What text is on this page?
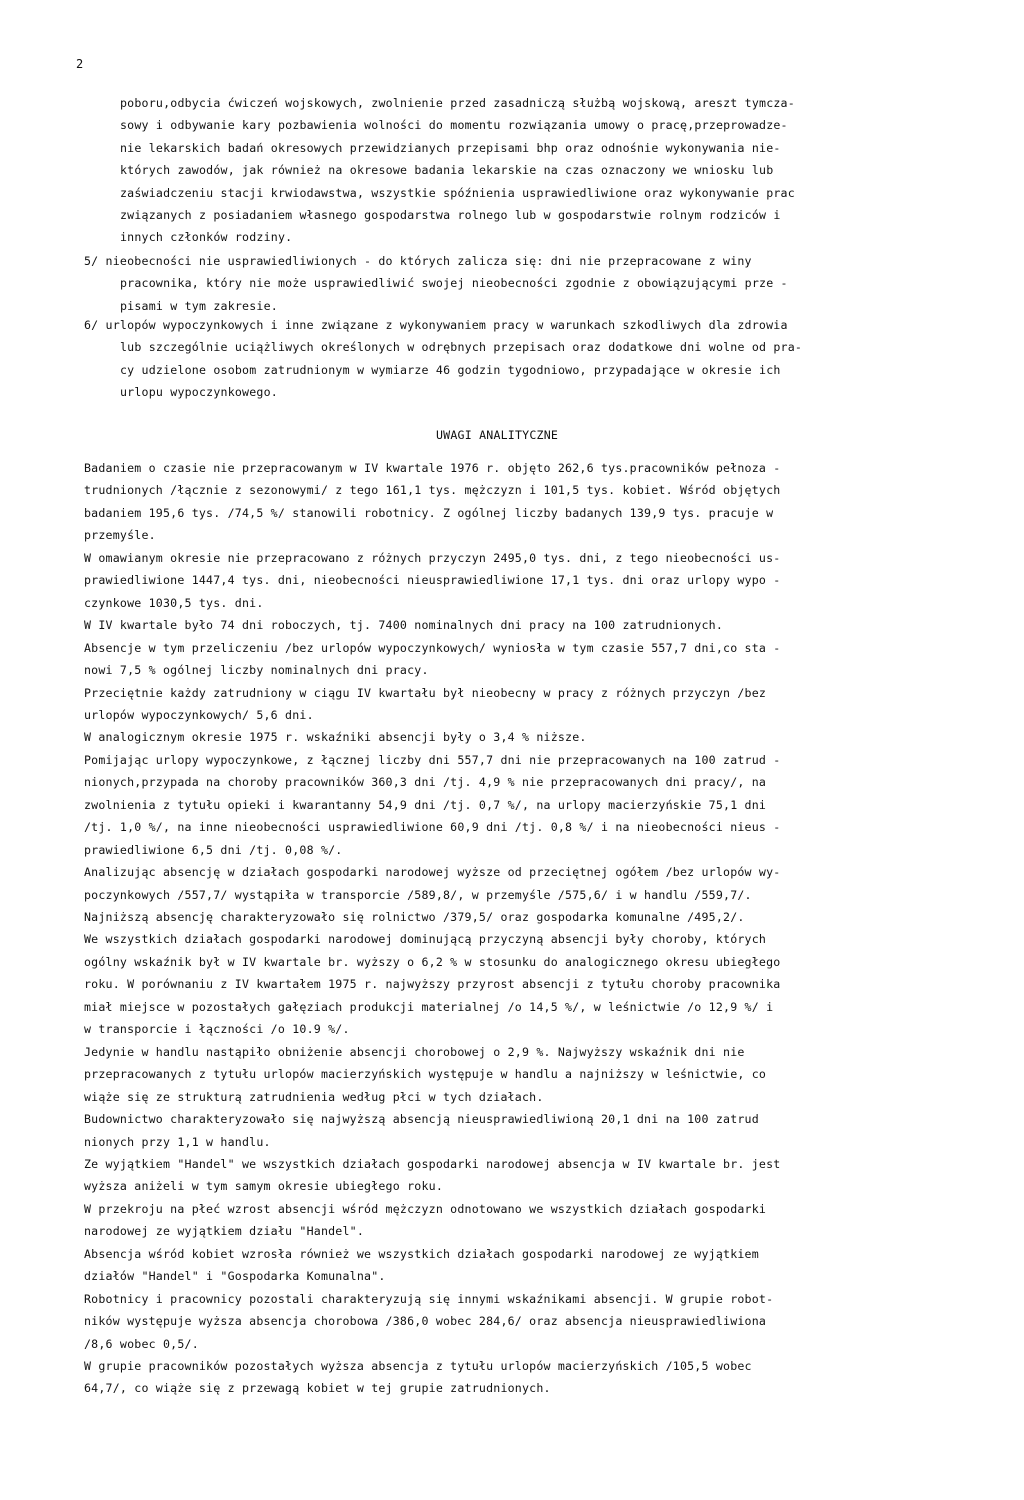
2
poboru,odbycia ćwiczeń wojskowych, zwolnienie przed zasadniczą służbą wojskową, areszt tymcza-
sowy i odbywanie kary pozbawienia wolności do momentu rozwiązania umowy o pracę,przeprowadze-
nie lekarskich badań okresowych przewidzianych przepisami bhp oraz odnośnie wykonywania nie-
których zawodów, jak również na okresowe badania lekarskie na czas oznaczony we wniosku lub
zaświadczeniu stacji krwiodawstwa, wszystkie spóźnienia usprawiedliwione oraz wykonywanie prac
związanych z posiadaniem własnego gospodarstwa rolnego lub w gospodarstwie rolnym rodziców i
innych członków rodziny.
5/ nieobecności nie usprawiedliwionych - do których zalicza się: dni nie przepracowane z winy
pracownika, który nie może usprawiedliwić swojej nieobecności zgodnie z obowiązującymi prze -
pisami w tym zakresie.
6/ urlopów wypoczynkowych i inne związane z wykonywaniem pracy w warunkach szkodliwych dla zdrowia
lub szczególnie uciążliwych określonych w odrębnych przepisach oraz dodatkowe dni wolne od pra-
cy udzielone osobom zatrudnionym w wymiarze 46 godzin tygodniowo, przypadające w okresie ich
urlopu wypoczynkowego.
UWAGI ANALITYCZNE
Badaniem o czasie nie przepracowanym w IV kwartale 1976 r. objęto 262,6 tys.pracowników pełnoza -
trudnionych /łącznie z sezonowymi/ z tego 161,1 tys. mężczyzn i 101,5 tys. kobiet. Wśród objętych
badaniem 195,6 tys. /74,5 %/ stanowili robotnicy. Z ogólnej liczby badanych 139,9 tys. pracuje w
przemyśle.
W omawianym okresie nie przepracowano z różnych przyczyn 2495,0 tys. dni, z tego nieobecności us-
prawiedliwione 1447,4 tys. dni, nieobecności nieusprawiedliwione 17,1 tys. dni oraz urlopy wypo -
czynkowe 1030,5 tys. dni.
W IV kwartale było 74 dni roboczych, tj. 7400 nominalnych dni pracy na 100 zatrudnionych.
Absencje w tym przeliczeniu /bez urlopów wypoczynkowych/ wyniosła w tym czasie 557,7 dni,co sta -
nowi 7,5 % ogólnej liczby nominalnych dni pracy.
Przeciętnie każdy zatrudniony w ciągu IV kwartału był nieobecny w pracy z różnych przyczyn /bez
urlopów wypoczynkowych/ 5,6 dni.
W analogicznym okresie 1975 r. wskaźniki absencji były o 3,4 % niższe.
Pomijając urlopy wypoczynkowe, z łącznej liczby dni 557,7 dni nie przepracowanych na 100 zatrud -
nionych,przypada na choroby pracowników 360,3 dni /tj. 4,9 % nie przepracowanych dni pracy/, na
zwolnienia z tytułu opieki i kwarantanny 54,9 dni /tj. 0,7 %/, na urlopy macierzyńskie 75,1 dni
/tj. 1,0 %/, na inne nieobecności usprawiedliwione 60,9 dni /tj. 0,8 %/ i na nieobecności nieus -
prawiedliwione 6,5 dni /tj. 0,08 %/.
Analizując absencję w działach gospodarki narodowej wyższe od przeciętnej ogółem /bez urlopów wy-
poczynkowych /557,7/ wystąpiła w transporcie /589,8/, w przemyśle /575,6/ i w handlu /559,7/.
Najniższą absencję charakteryzowało się rolnictwo /379,5/ oraz gospodarka komunalne /495,2/.
We wszystkich działach gospodarki narodowej dominującą przyczyną absencji były choroby, których
ogólny wskaźnik był w IV kwartale br. wyższy o 6,2 % w stosunku do analogicznego okresu ubiegłego
roku. W porównaniu z IV kwartałem 1975 r. najwyższy przyrost absencji z tytułu choroby pracownika
miał miejsce w pozostałych gałęziach produkcji materialnej /o 14,5 %/, w leśnictwie /o 12,9 %/ i
w transporcie i łączności /o 10.9 %/.
Jedynie w handlu nastąpiło obniżenie absencji chorobowej o 2,9 %. Najwyższy wskaźnik dni nie
przepracowanych z tytułu urlopów macierzyńskich występuje w handlu a najniższy w leśnictwie, co
wiąże się ze strukturą zatrudnienia według płci w tych działach.
Budownictwo charakteryzowało się najwyższą absencją nieusprawiedliwioną 20,1 dni na 100 zatrud
nionych przy 1,1 w handlu.
Ze wyjątkiem "Handel" we wszystkich działach gospodarki narodowej absencja w IV kwartale br. jest
wyższa aniżeli w tym samym okresie ubiegłego roku.
W przekroju na płeć wzrost absencji wśród mężczyzn odnotowano we wszystkich działach gospodarki
narodowej ze wyjątkiem działu "Handel".
Absencja wśród kobiet wzrosła również we wszystkich działach gospodarki narodowej ze wyjątkiem
działów "Handel" i "Gospodarka Komunalna".
Robotnicy i pracownicy pozostali charakteryzują się innymi wskaźnikami absencji. W grupie robot-
ników występuje wyższa absencja chorobowa /386,0 wobec 284,6/ oraz absencja nieusprawiedliwiona
/8,6 wobec 0,5/.
W grupie pracowników pozostałych wyższa absencja z tytułu urlopów macierzyńskich /105,5 wobec
64,7/, co wiąże się z przewagą kobiet w tej grupie zatrudnionych.
